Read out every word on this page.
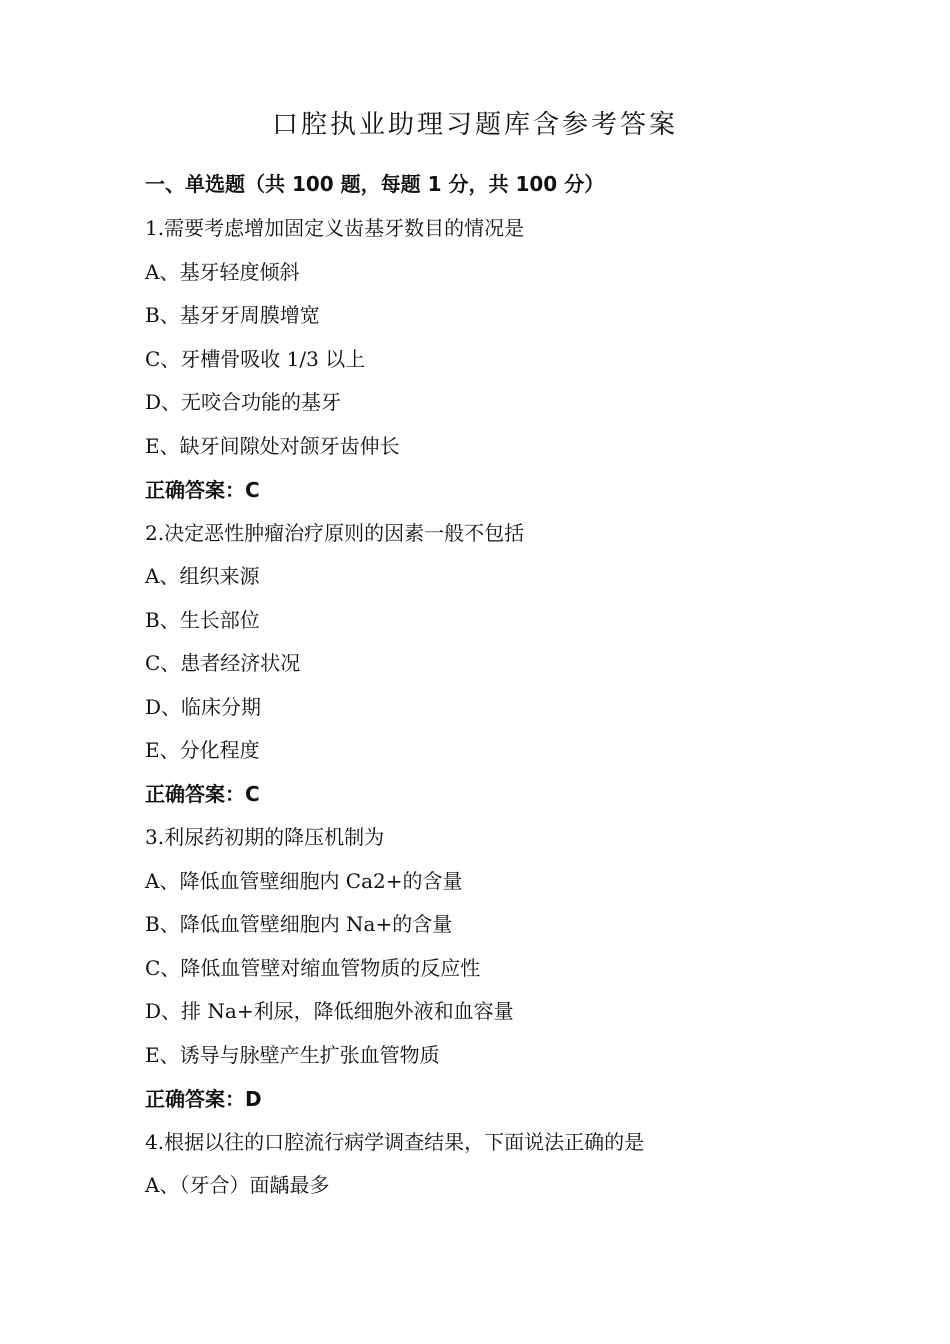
口腔执业助理习题库含参考答案
一、单选题（共 100 题，每题 1 分，共 100 分）
1.需要考虑增加固定义齿基牙数目的情况是
A、基牙轻度倾斜
B、基牙牙周膜增宽
C、牙槽骨吸收 1/3 以上
D、无咬合功能的基牙
E、缺牙间隙处对颌牙齿伸长
正确答案：C
2.决定恶性肿瘤治疗原则的因素一般不包括
A、组织来源
B、生长部位
C、患者经济状况
D、临床分期
E、分化程度
正确答案：C
3.利尿药初期的降压机制为
A、降低血管壁细胞内 Ca2+的含量
B、降低血管壁细胞内 Na+的含量
C、降低血管壁对缩血管物质的反应性
D、排 Na+利尿，降低细胞外液和血容量
E、诱导与脉壁产生扩张血管物质
正确答案：D
4.根据以往的口腔流行病学调查结果，下面说法正确的是
A、（牙合）面龋最多
